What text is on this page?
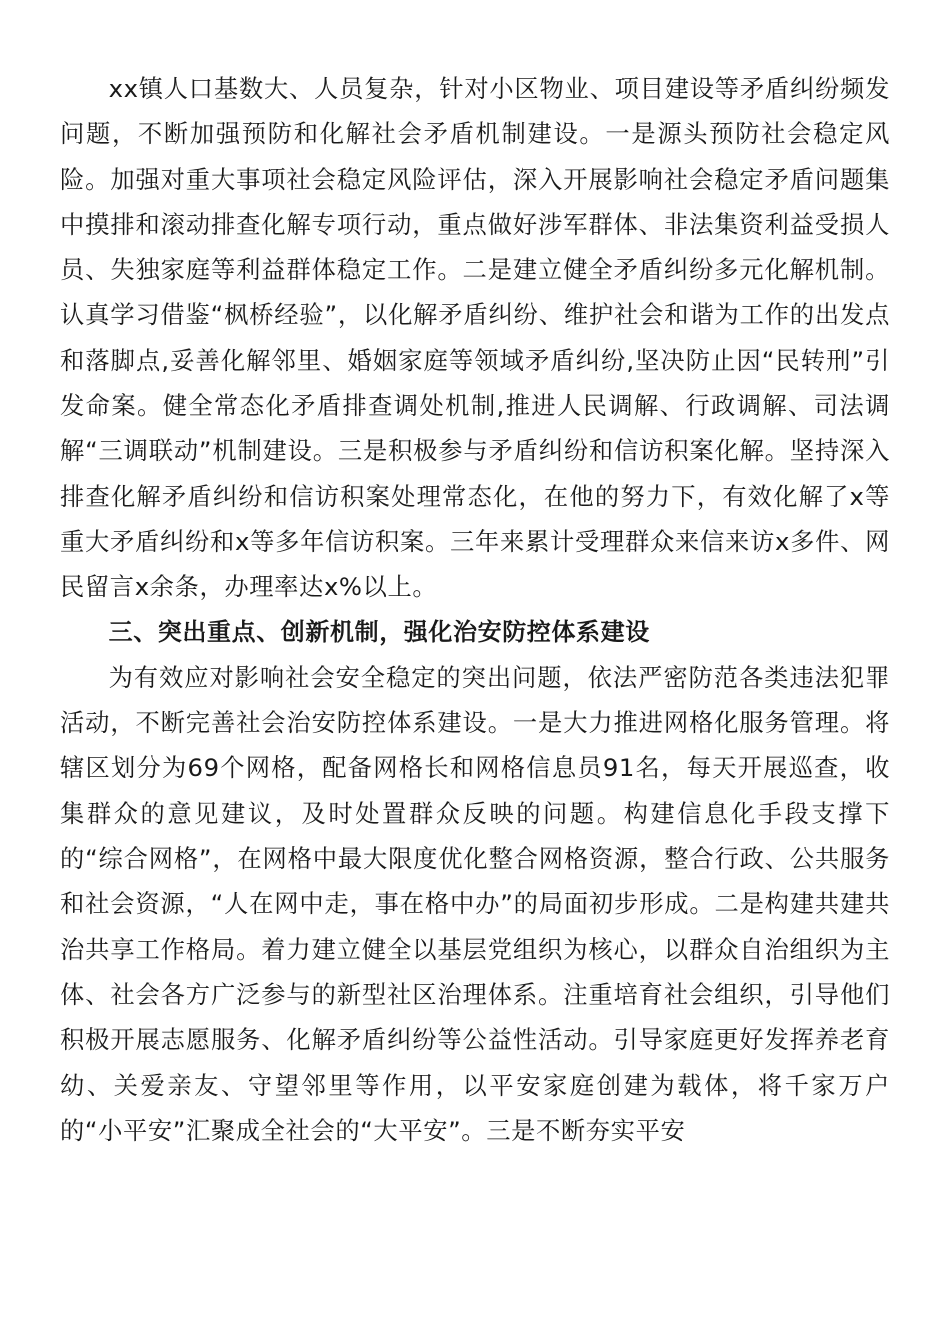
xx镇人口基数大、人员复杂，针对小区物业、项目建设等矛盾纠纷频发问题，不断加强预防和化解社会矛盾机制建设。一是源头预防社会稳定风险。加强对重大事项社会稳定风险评估，深入开展影响社会稳定矛盾问题集中摸排和滚动排查化解专项行动，重点做好涉军群体、非法集资利益受损人员、失独家庭等利益群体稳定工作。二是建立健全矛盾纠纷多元化解机制。认真学习借鉴“枫桥经验”，以化解矛盾纠纷、维护社会和谐为工作的出发点和落脚点,妥善化解邻里、婚姻家庭等领域矛盾纠纷,坚决防止因“民转刑”引发命案。健全常态化矛盾排查调处机制,推进人民调解、行政调解、司法调解“三调联动”机制建设。三是积极参与矛盾纠纷和信访积案化解。坚持深入排查化解矛盾纠纷和信访积案处理常态化，在他的努力下，有效化解了x等重大矛盾纠纷和x等多年信访积案。三年来累计受理群众来信来访x多件、网民留言x余条，办理率达x%以上。

三、突出重点、创新机制，强化治安防控体系建设

为有效应对影响社会安全稳定的突出问题，依法严密防范各类违法犯罪活动，不断完善社会治安防控体系建设。一是大力推进网格化服务管理。将辖区划分为69个网格，配备网格长和网格信息员91名，每天开展巡查，收集群众的意见建议，及时处置群众反映的问题。构建信息化手段支撑下的“综合网格”，在网格中最大限度优化整合网格资源，整合行政、公共服务和社会资源，“人在网中走，事在格中办”的局面初步形成。二是构建共建共治共享工作格局。着力建立健全以基层党组织为核心，以群众自治组织为主体、社会各方广泛参与的新型社区治理体系。注重培育社会组织，引导他们积极开展志愿服务、化解矛盾纠纷等公益性活动。引导家庭更好发挥养老育幼、关爱亲友、守望邻里等作用，以平安家庭创建为载体，将千家万户的“小平安”汇聚成全社会的“大平安”。三是不断夯实平安
